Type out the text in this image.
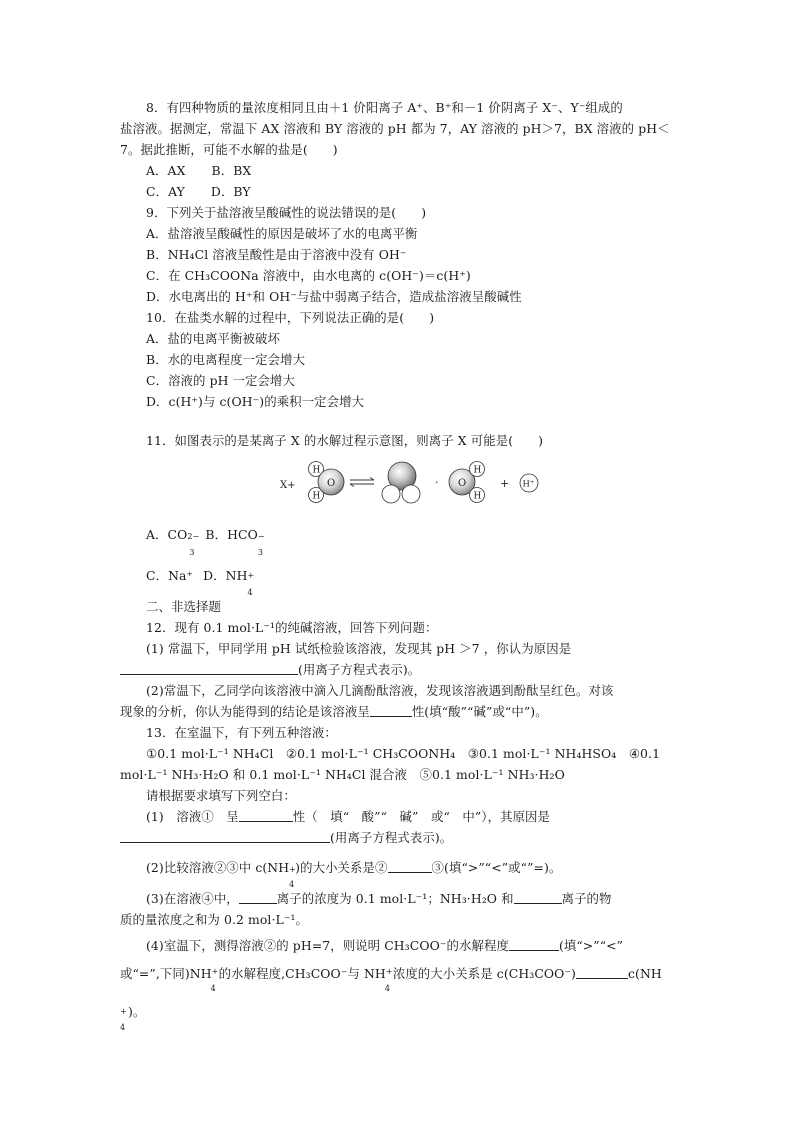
8．有四种物质的量浓度相同且由＋1 价阳离子 A⁺、B⁺和－1 价阴离子 X⁻、Y⁻组成的
盐溶液。据测定，常温下 AX 溶液和 BY 溶液的 pH 都为 7，AY 溶液的 pH＞7，BX 溶液的 pH＜
7。据此推断，可能不水解的盐是(　　)
A．AX B．BX
C．AY D．BY
9．下列关于盐溶液呈酸碱性的说法错误的是(　　)
A．盐溶液呈酸碱性的原因是破坏了水的电离平衡
B．NH₄Cl 溶液呈酸性是由于溶液中没有 OH⁻
C．在 CH₃COONa 溶液中，由水电离的 c(OH⁻)＝c(H⁺)
D．水电离出的 H⁺和 OH⁻与盐中弱离子结合，造成盐溶液呈酸碱性
10．在盐类水解的过程中，下列说法正确的是(　　)
A．盐的电离平衡被破坏
B．水的电离程度一定会增大
C．溶液的 pH 一定会增大
D．c(H⁺)与 c(OH⁻)的乘积一定会增大
11．如图表示的是某离子 X 的水解过程示意图，则离子 X 可能是(　　)
X+
H
H
O	· O
H
H
+ H⁺
A．CO 2−
3
B．HCO −
3
C．Na⁺ D．NH +
4
二、非选择题
12．现有 0.1 mol·L⁻¹的纯碱溶液，回答下列问题：
(1) 常温下，甲同学用 pH 试纸检验该溶液，发现其 pH ＞7 ，你认为原因是
(用离子方程式表示)。
(2)常温下，乙同学向该溶液中滴入几滴酚酞溶液，发现该溶液遇到酚酞呈红色。对该
现象的分析，你认为能得到的结论是该溶液呈	性(填“酸”“碱”或“中”)。
13．在室温下，有下列五种溶液：
①0.1 mol·L⁻¹ NH₄Cl　②0.1 mol·L⁻¹ CH₃COONH₄　③0.1 mol·L⁻¹ NH₄HSO₄　④0.1
mol·L⁻¹ NH₃·H₂O 和 0.1 mol·L⁻¹ NH₄Cl 混合液　⑤0.1 mol·L⁻¹ NH₃·H₂O
请根据要求填写下列空白：
(1)　溶液①　呈	性（　填“　酸”“　碱”　或“　中”），其原因是
(用离子方程式表示)。
(2)比较溶液②③中 c(NH +
4
)的大小关系是②	③(填“>”“<”或“”=)。
(3)在溶液④中，	离子的浓度为 0.1 mol·L⁻¹；NH₃·H₂O 和	离子的物
质的量浓度之和为 0.2 mol·L⁻¹。
(4)室温下，测得溶液②的 pH=7，则说明 CH₃COO⁻的水解程度	(填“>”“<”
或“=”,下同)NH +
4
的水解程度,CH₃COO⁻与 NH +
4
浓度的大小关系是 c(CH₃COO⁻)	c(NH
+
4
)。
